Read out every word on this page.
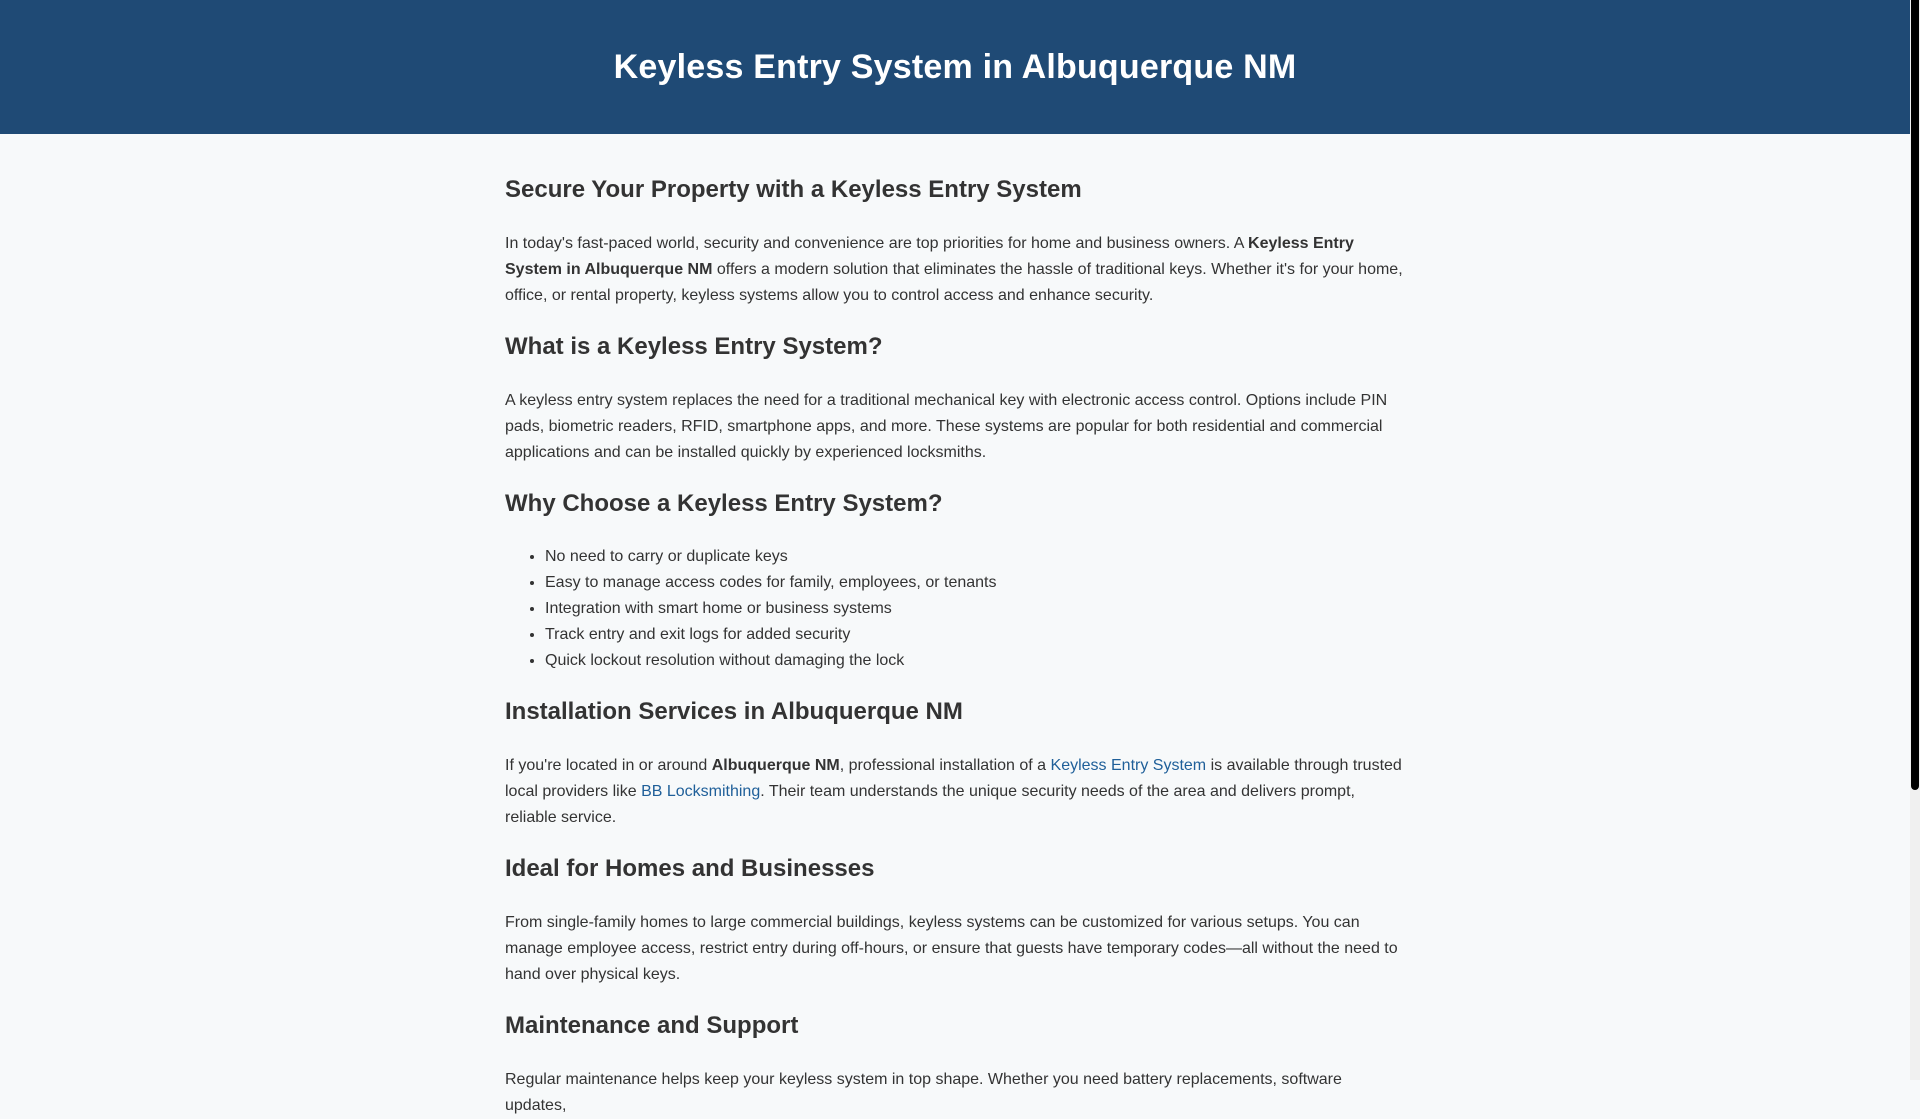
Keyless Entry System in Albuquerque NM
Secure Your Property with a Keyless Entry System

In today's fast-paced world, security and convenience are top priorities for home and business owners. A Keyless Entry System in Albuquerque NM offers a modern solution that eliminates the hassle of traditional keys. Whether it's for your home, office, or rental property, keyless systems allow you to control access and enhance security.

What is a Keyless Entry System?

A keyless entry system replaces the need for a traditional mechanical key with electronic access control. Options include PIN pads, biometric readers, RFID, smartphone apps, and more. These systems are popular for both residential and commercial applications and can be installed quickly by experienced locksmiths.

Why Choose a Keyless Entry System?
• No need to carry or duplicate keys
• Easy to manage access codes for family, employees, or tenants
• Integration with smart home or business systems
• Track entry and exit logs for added security
• Quick lockout resolution without damaging the lock
Installation Services in Albuquerque NM

If you're located in or around Albuquerque NM, professional installation of a Keyless Entry System is available through trusted local providers like BB Locksmithing. Their team understands the unique security needs of the area and delivers prompt, reliable service.

Ideal for Homes and Businesses

From single-family homes to large commercial buildings, keyless systems can be customized for various setups. You can manage employee access, restrict entry during off-hours, or ensure that guests have temporary codes—all without the need to hand over physical keys.

Maintenance and Support

Regular maintenance helps keep your keyless system in top shape. Whether you need battery replacements, software updates,
